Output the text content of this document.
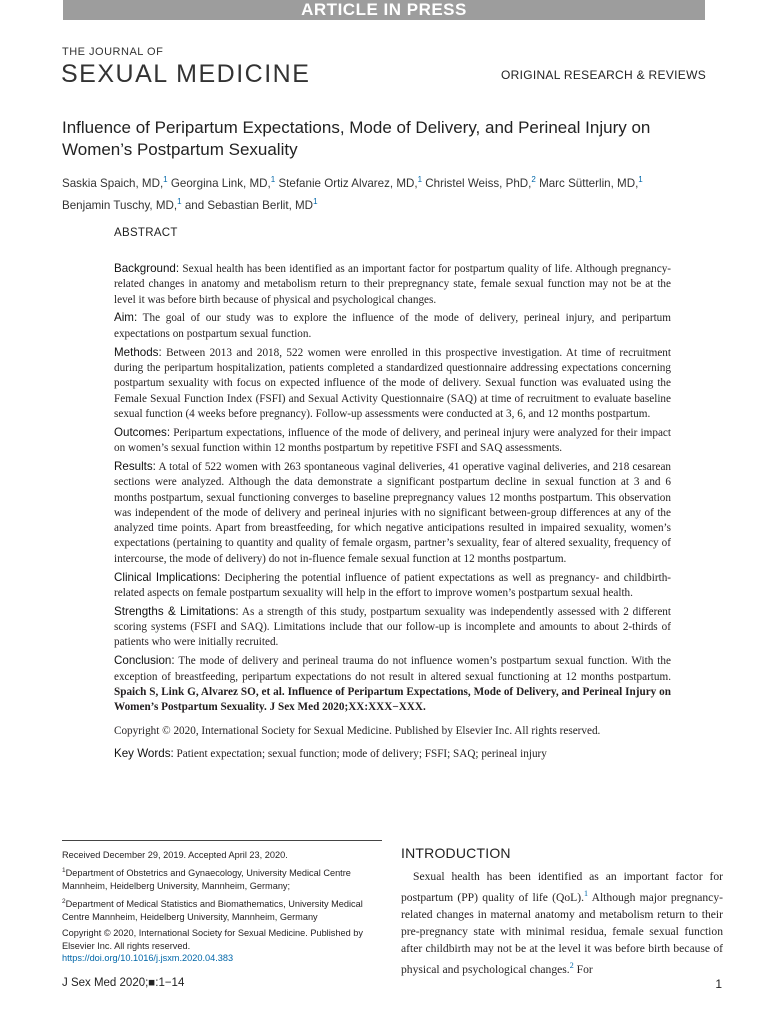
ARTICLE IN PRESS
THE JOURNAL OF
SEXUAL MEDICINE	ORIGINAL RESEARCH & REVIEWS
Influence of Peripartum Expectations, Mode of Delivery, and Perineal Injury on Women’s Postpartum Sexuality
Saskia Spaich, MD,$^1$ Georgina Link, MD,$^1$ Stefanie Ortiz Alvarez, MD,$^1$ Christel Weiss, PhD,$^2$ Marc Sütterlin, MD,$^1$
Benjamin Tuschy, MD,$^1$ and Sebastian Berlit, $MD^1$
ABSTRACT

Background: Sexual health has been identified as an important factor for postpartum quality of life. Although pregnancy-related changes in anatomy and metabolism return to their prepregnancy state, female sexual function may not be at the level it was before birth because of physical and psychological changes.

Aim: The goal of our study was to explore the influence of the mode of delivery, perineal injury, and peripartum expectations on postpartum sexual function.

Methods: Between 2013 and 2018, 522 women were enrolled in this prospective investigation. At time of recruitment during the peripartum hospitalization, patients completed a standardized questionnaire addressing expectations concerning postpartum sexuality with focus on expected influence of the mode of delivery. Sexual function was evaluated using the Female Sexual Function Index (FSFI) and Sexual Activity Questionnaire (SAQ) at time of recruitment to evaluate baseline sexual function (4 weeks before pregnancy). Follow-up assessments were conducted at 3, 6, and 12 months postpartum.

Outcomes: Peripartum expectations, influence of the mode of delivery, and perineal injury were analyzed for their impact on women’s sexual function within 12 months postpartum by repetitive FSFI and SAQ assessments.

Results: A total of 522 women with 263 spontaneous vaginal deliveries, 41 operative vaginal deliveries, and 218 cesarean sections were analyzed. Although the data demonstrate a significant postpartum decline in sexual function at 3 and 6 months postpartum, sexual functioning converges to baseline prepregnancy values 12 months postpartum. This observation was independent of the mode of delivery and perineal injuries with no significant between-group differences at any of the analyzed time points. Apart from breastfeeding, for which negative anticipations resulted in impaired sexuality, women’s expectations (pertaining to quantity and quality of female orgasm, partner’s sexuality, fear of altered sexuality, frequency of intercourse, the mode of delivery) do not in-fluence female sexual function at 12 months postpartum.

Clinical Implications: Deciphering the potential influence of patient expectations as well as pregnancy- and childbirth-related aspects on female postpartum sexuality will help in the effort to improve women’s postpartum sexual health.

Strengths & Limitations: As a strength of this study, postpartum sexuality was independently assessed with 2 different scoring systems (FSFI and SAQ). Limitations include that our follow-up is incomplete and amounts to about 2-thirds of patients who were initially recruited.

Conclusion: The mode of delivery and perineal trauma do not influence women’s postpartum sexual function. With the exception of breastfeeding, peripartum expectations do not result in altered sexual functioning at 12 months postpartum. Spaich S, Link G, Alvarez SO, et al. Influence of Peripartum Expectations, Mode of Delivery, and Perineal Injury on Women’s Postpartum Sexuality. J Sex Med 2020;XX:XXX−XXX.

Copyright © 2020, International Society for Sexual Medicine. Published by Elsevier Inc. All rights reserved.

Key Words: Patient expectation; sexual function; mode of delivery; FSFI; SAQ; perineal injury

Received December 29, 2019. Accepted April 23, 2020.
$^1$Department of Obstetrics and Gynaecology, University Medical Centre Mannheim, Heidelberg University, Mannheim, Germany;
$^2$Department of Medical Statistics and Biomathematics, University Medical Centre Mannheim, Heidelberg University, Mannheim, Germany
Copyright © 2020, International Society for Sexual Medicine. Published by Elsevier Inc. All rights reserved.
https://doi.org/10.1016/j.jsxm.2020.04.383
INTRODUCTION
Sexual health has been identified as an important factor for postpartum (PP) quality of life (QoL).$^1$ Although major pregnancy-related changes in maternal anatomy and metabolism return to their pre-pregnancy state with minimal residua, female sexual function after childbirth may not be at the level it was before birth because of physical and psychological changes.$^2$ For
J Sex Med 2020;■:1−14	1
